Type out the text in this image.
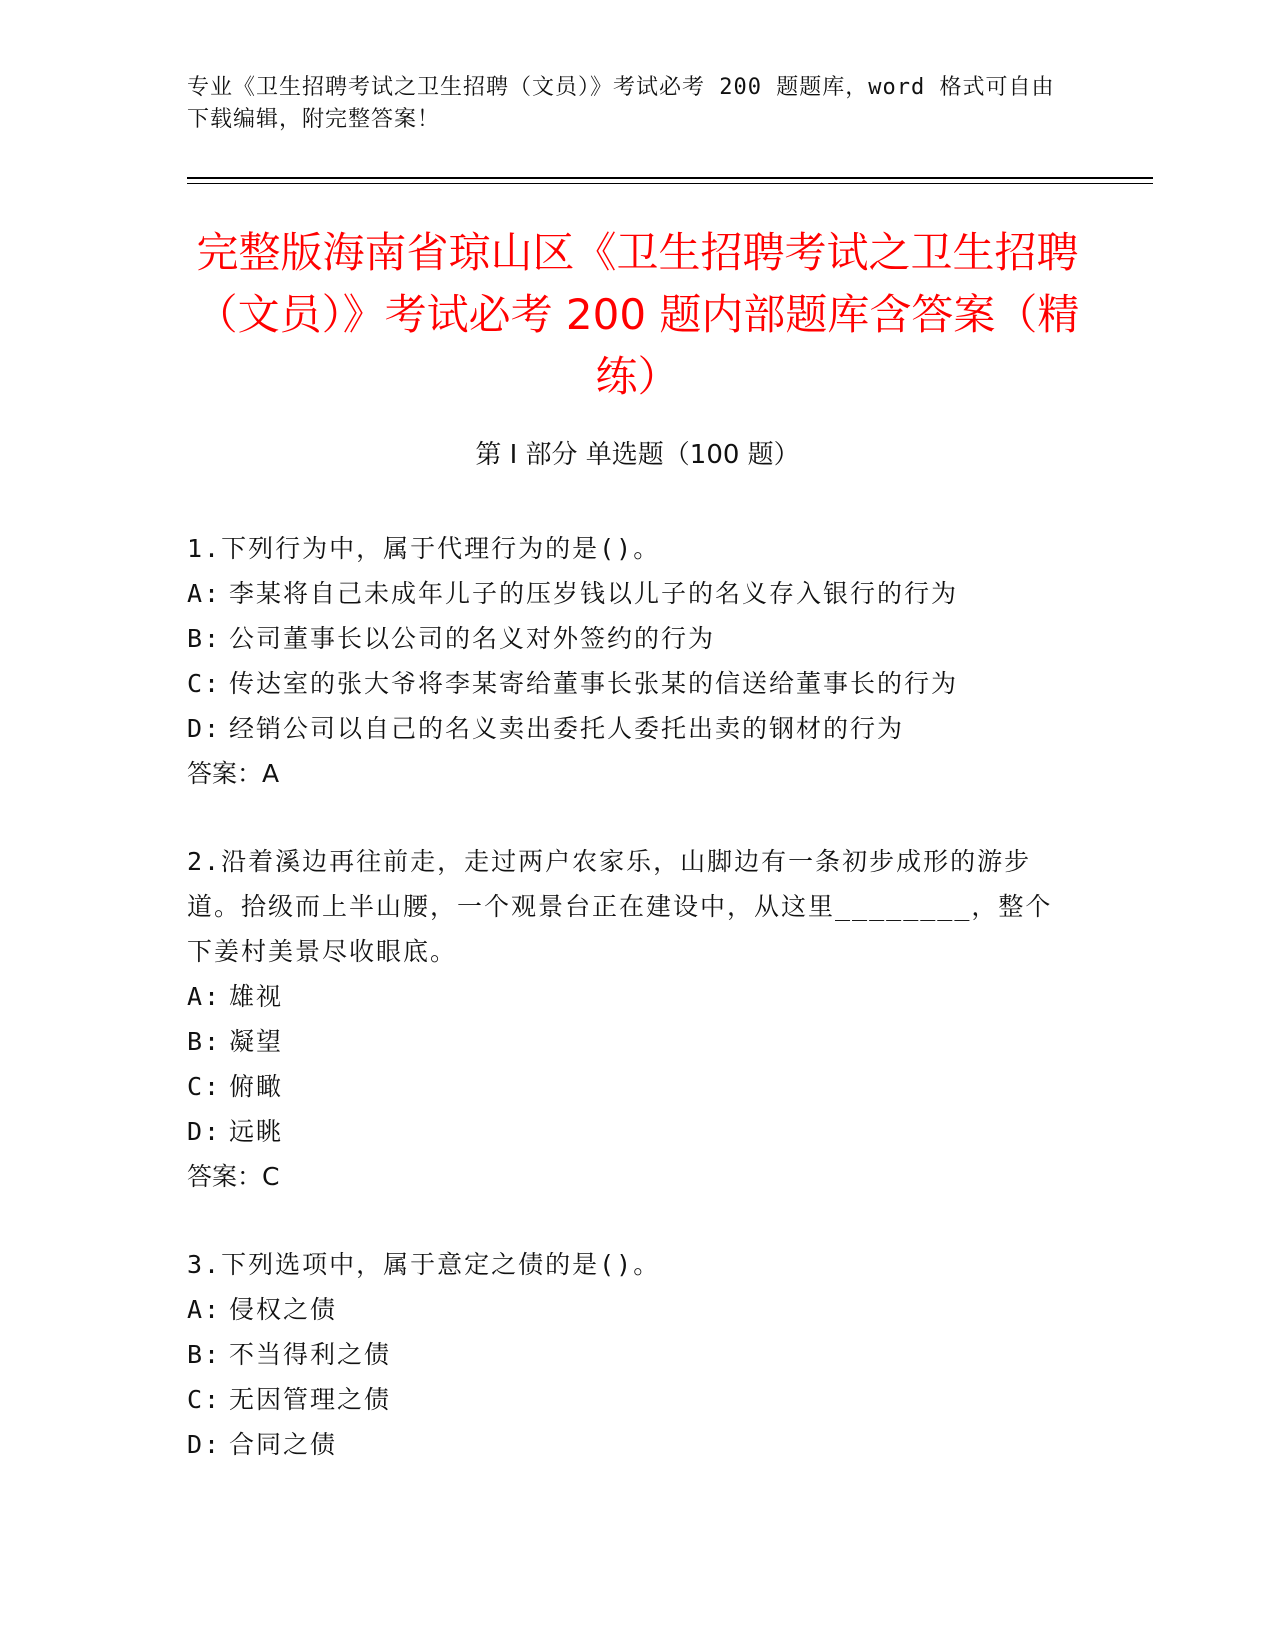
专业《卫生招聘考试之卫生招聘（文员）》考试必考 200 题题库，word 格式可自由下载编辑，附完整答案！
完整版海南省琼山区《卫生招聘考试之卫生招聘（文员）》考试必考 200 题内部题库含答案（精练）
第 I 部分 单选题（100 题）
1.下列行为中，属于代理行为的是()。
A: 李某将自己未成年儿子的压岁钱以儿子的名义存入银行的行为
B: 公司董事长以公司的名义对外签约的行为
C: 传达室的张大爷将李某寄给董事长张某的信送给董事长的行为
D: 经销公司以自己的名义卖出委托人委托出卖的钢材的行为
答案：A
2.沿着溪边再往前走，走过两户农家乐，山脚边有一条初步成形的游步道。拾级而上半山腰，一个观景台正在建设中，从这里________，整个下姜村美景尽收眼底。
A: 雄视
B: 凝望
C: 俯瞰
D: 远眺
答案：C
3.下列选项中，属于意定之债的是()。
A: 侵权之债
B: 不当得利之债
C: 无因管理之债
D: 合同之债
